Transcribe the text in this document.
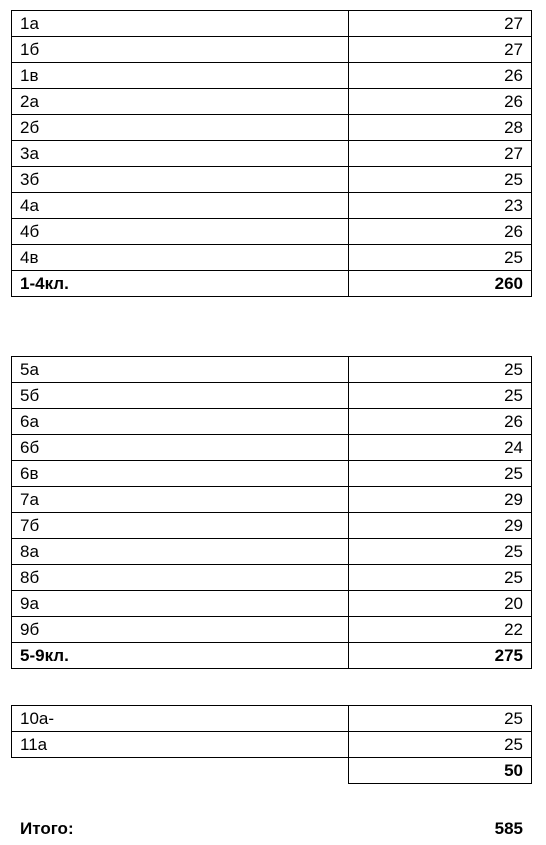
1а	27
1б	27
1в	26
2а	26
2б	28
3а	27
3б	25
4а	23
4б	26
4в	25
1-4кл.	260
5а	25
5б	25
6а	26
6б	24
6в	25
7а	29
7б	29
8а	25
8б	25
9а	20
9б	22
5-9кл.	275
10а-	25
11а	25
	50
Итого:	585
